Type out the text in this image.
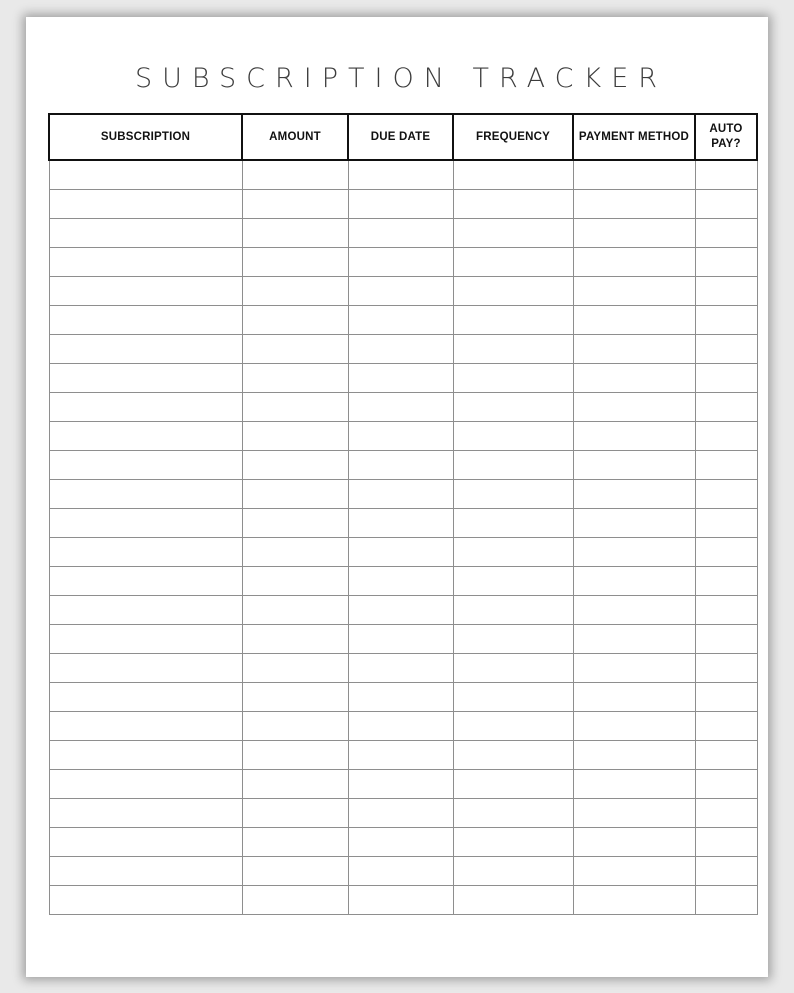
SUBSCRIPTION TRACKER
SUBSCRIPTION	AMOUNT	DUE DATE	FREQUENCY	PAYMENT METHOD	AUTO PAY?
